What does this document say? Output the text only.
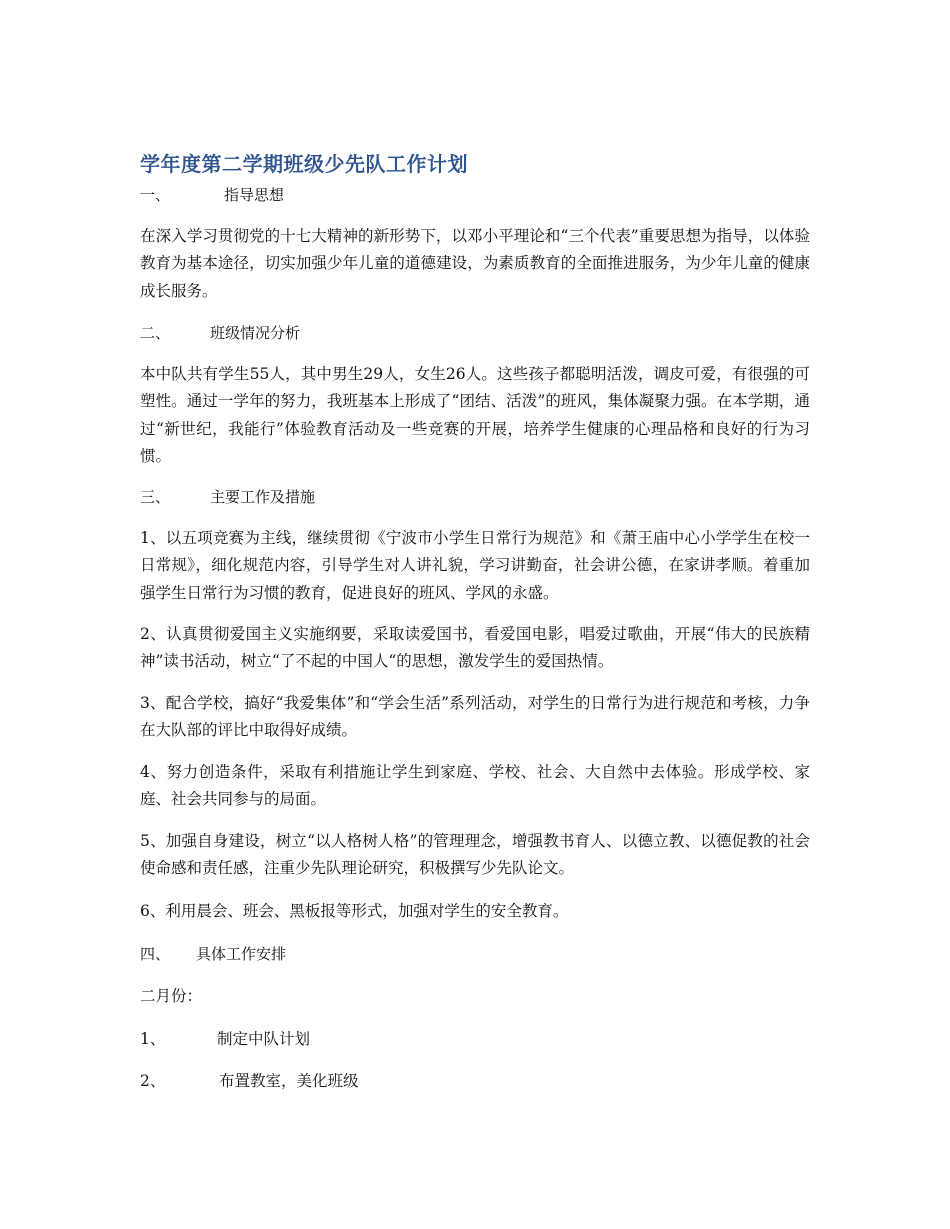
学年度第二学期班级少先队工作计划
一、	指导思想

在深入学习贯彻党的十七大精神的新形势下，以邓小平理论和“三个代表”重要思想为指导，以体验教育为基本途径，切实加强少年儿童的道德建设，为素质教育的全面推进服务，为少年儿童的健康成长服务。

二、	班级情况分析

本中队共有学生55人，其中男生29人，女生26人。这些孩子都聪明活泼，调皮可爱，有很强的可塑性。通过一学年的努力，我班基本上形成了“团结、活泼”的班风，集体凝聚力强。在本学期，通过“新世纪，我能行”体验教育活动及一些竞赛的开展，培养学生健康的心理品格和良好的行为习惯。

三、	主要工作及措施

1、以五项竞赛为主线，继续贯彻《宁波市小学生日常行为规范》和《萧王庙中心小学学生在校一日常规》，细化规范内容，引导学生对人讲礼貌，学习讲勤奋，社会讲公德，在家讲孝顺。着重加强学生日常行为习惯的教育，促进良好的班风、学风的永盛。

2、认真贯彻爱国主义实施纲要，采取读爱国书，看爱国电影，唱爱过歌曲，开展“伟大的民族精神”读书活动，树立“了不起的中国人“的思想，激发学生的爱国热情。

3、配合学校，搞好“我爱集体”和“学会生活”系列活动，对学生的日常行为进行规范和考核，力争在大队部的评比中取得好成绩。

4、努力创造条件，采取有利措施让学生到家庭、学校、社会、大自然中去体验。形成学校、家庭、社会共同参与的局面。

5、加强自身建设，树立“以人格树人格”的管理理念，增强教书育人、以德立教、以德促教的社会使命感和责任感，注重少先队理论研究，积极撰写少先队论文。

6、利用晨会、班会、黑板报等形式，加强对学生的安全教育。

四、 具体工作安排
二月份：
1、	制定中队计划
2、	布置教室，美化班级
